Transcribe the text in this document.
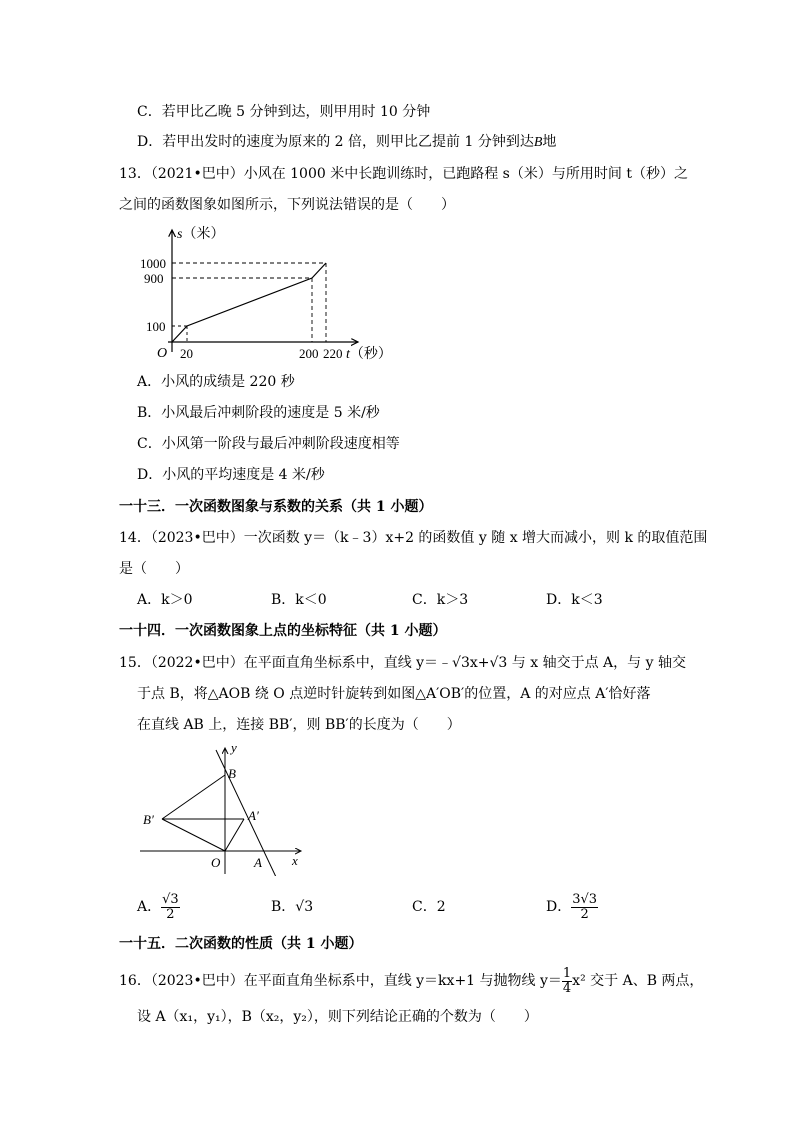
C．若甲比乙晚 5 分钟到达，则甲用时 10 分钟
D．若甲出发时的速度为原来的 2 倍，则甲比乙提前 1 分钟到达B地
13．（2021•巴中）小风在 1000 米中长跑训练时，已跑路程 s（米）与所用时间 t（秒）之
之间的函数图象如图所示，下列说法错误的是（　　）
s（米）
1000
900
100
O 20	200 220 t（秒）
A．小风的成绩是 220 秒
B．小风最后冲刺阶段的速度是 5 米/秒
C．小风第一阶段与最后冲刺阶段速度相等
D．小风的平均速度是 4 米/秒
一十三．一次函数图象与系数的关系（共 1 小题）
14．（2023•巴中）一次函数 y＝（k﹣3）x+2 的函数值 y 随 x 增大而减小，则 k 的取值范围
是（　　）
A．k＞0	B．k＜0	C．k＞3	D．k＜3
一十四．一次函数图象上点的坐标特征（共 1 小题）
15．（2022•巴中）在平面直角坐标系中，直线 y＝﹣√3x+√3 与 x 轴交于点 A，与 y 轴交
于点 B，将△AOB 绕 O 点逆时针旋转到如图△A′OB′的位置，A 的对应点 A′恰好落
在直线 AB 上，连接 BB′，则 BB′的长度为（　　）
y
B
B′	A′
O	A x
A． $\frac{√3}{2}$	B．√3	C．2	D． $\frac{3√3}{2}$
一十五．二次函数的性质（共 1 小题）
16．（2023•巴中）在平面直角坐标系中，直线 y＝kx+1 与抛物线 $y= \frac{1}{4} x^2$ 交于 A、B 两点，
设 A（x₁，y₁），B（x₂，y₂），则下列结论正确的个数为（　　）
